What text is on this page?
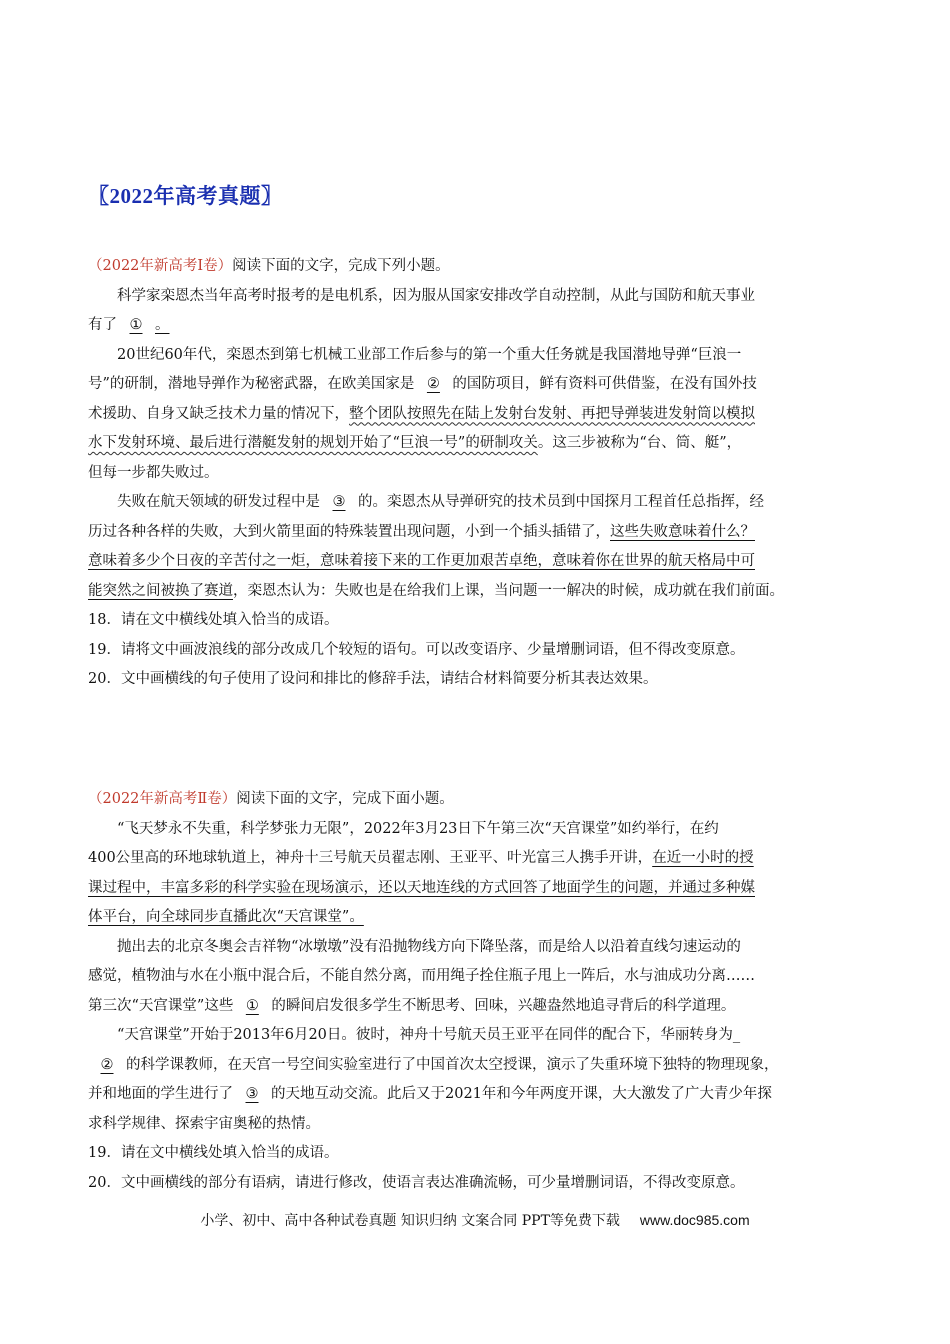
〖2022年高考真题〗
（2022年新高考Ⅰ卷）阅读下面的文字，完成下列小题。
科学家栾恩杰当年高考时报考的是电机系，因为服从国家安排改学自动控制，从此与国防和航天事业
有了 ① 。
20世纪60年代，栾恩杰到第七机械工业部工作后参与的第一个重大任务就是我国潜地导弹“巨浪一
号”的研制，潜地导弹作为秘密武器，在欧美国家是 ② 的国防项目，鲜有资料可供借鉴，在没有国外技
术援助、自身又缺乏技术力量的情况下，整个团队按照先在陆上发射台发射、再把导弹装进发射筒以模拟
水下发射环境、最后进行潜艇发射的规划开始了“巨浪一号”的研制攻关。这三步被称为“台、筒、艇”，
但每一步都失败过。
失败在航天领域的研发过程中是 ③ 的。栾恩杰从导弹研究的技术员到中国探月工程首任总指挥，经
历过各种各样的失败，大到火箭里面的特殊装置出现问题，小到一个插头插错了，这些失败意味着什么？
意味着多少个日夜的辛苦付之一炬，意味着接下来的工作更加艰苦卓绝，意味着你在世界的航天格局中可
能突然之间被换了赛道，栾恩杰认为：失败也是在给我们上课，当问题一一解决的时候，成功就在我们前面。
18．请在文中横线处填入恰当的成语。
19．请将文中画波浪线的部分改成几个较短的语句。可以改变语序、少量增删词语，但不得改变原意。
20．文中画横线的句子使用了设问和排比的修辞手法，请结合材料简要分析其表达效果。
（2022年新高考Ⅱ卷）阅读下面的文字，完成下面小题。
“飞天梦永不失重，科学梦张力无限”，2022年3月23日下午第三次“天宫课堂”如约举行，在约
400公里高的环地球轨道上，神舟十三号航天员翟志刚、王亚平、叶光富三人携手开讲，在近一小时的授
课过程中，丰富多彩的科学实验在现场演示，还以天地连线的方式回答了地面学生的问题，并通过多种媒
体平台，向全球同步直播此次“天宫课堂”。
抛出去的北京冬奥会吉祥物“冰墩墩”没有沿抛物线方向下降坠落，而是给人以沿着直线匀速运动的
感觉，植物油与水在小瓶中混合后，不能自然分离，而用绳子拴住瓶子甩上一阵后，水与油成功分离……
第三次“天宫课堂”这些 ① 的瞬间启发很多学生不断思考、回味，兴趣盎然地追寻背后的科学道理。
“天宫课堂”开始于2013年6月20日。彼时，神舟十号航天员王亚平在同伴的配合下，华丽转身为_
② 的科学课教师，在天宫一号空间实验室进行了中国首次太空授课，演示了失重环境下独特的物理现象，
并和地面的学生进行了 ③ 的天地互动交流。此后又于2021年和今年两度开课，大大激发了广大青少年探
求科学规律、探索宇宙奥秘的热情。
19．请在文中横线处填入恰当的成语。
20．文中画横线的部分有语病，请进行修改，使语言表达准确流畅，可少量增删词语，不得改变原意。
小学、初中、高中各种试卷真题 知识归纳 文案合同 PPT等免费下载 www.doc985.com
